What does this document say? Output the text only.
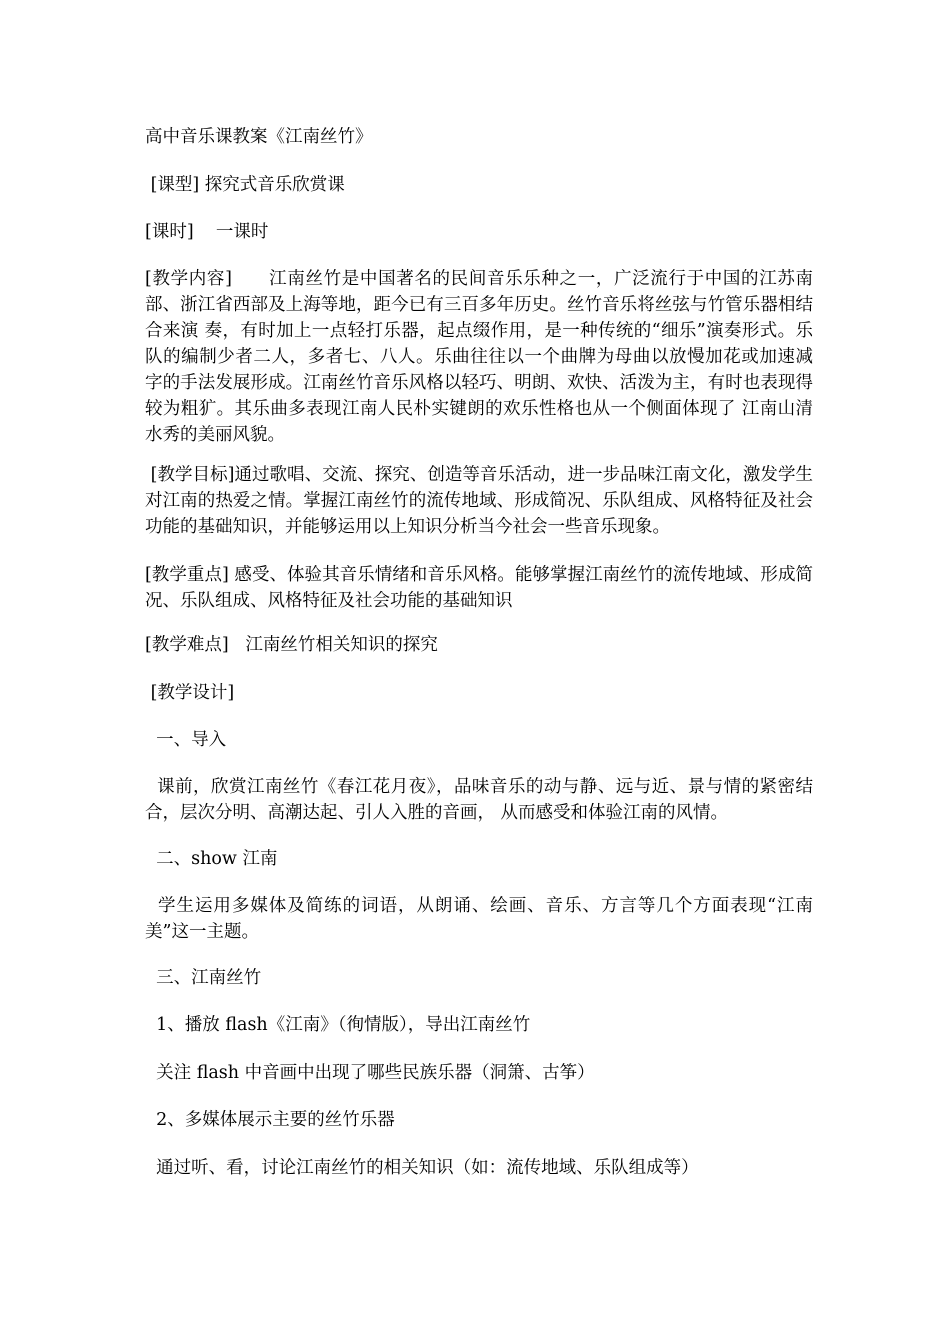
高中音乐课教案《江南丝竹》

[课型] 探究式音乐欣赏课

[课时]    一课时

[教学内容]      江南丝竹是中国著名的民间音乐乐种之一，广泛流行于中国的江苏南部、浙江省西部及上海等地，距今已有三百多年历史。丝竹音乐将丝弦与竹管乐器相结合来演 奏，有时加上一点轻打乐器，起点缀作用，是一种传统的“细乐”演奏形式。乐队的编制少者二人，多者七、八人。乐曲往往以一个曲牌为母曲以放慢加花或加速减 字的手法发展形成。江南丝竹音乐风格以轻巧、明朗、欢快、活泼为主，有时也表现得较为粗犷。其乐曲多表现江南人民朴实键朗的欢乐性格也从一个侧面体现了 江南山清水秀的美丽风貌。

[教学目标]通过歌唱、交流、探究、创造等音乐活动，进一步品味江南文化，激发学生对江南的热爱之情。掌握江南丝竹的流传地域、形成简况、乐队组成、风格特征及社会功能的基础知识，并能够运用以上知识分析当今社会一些音乐现象。

[教学重点] 感受、体验其音乐情绪和音乐风格。能够掌握江南丝竹的流传地域、形成简况、乐队组成、风格特征及社会功能的基础知识

[教学难点]   江南丝竹相关知识的探究

[教学设计]

一、导入

课前，欣赏江南丝竹《春江花月夜》，品味音乐的动与静、远与近、景与情的紧密结合，层次分明、高潮达起、引人入胜的音画， 从而感受和体验江南的风情。

二、show 江南

学生运用多媒体及简练的词语，从朗诵、绘画、音乐、方言等几个方面表现“江南美”这一主题。

三、江南丝竹

1、播放 flash《江南》（徇情版），导出江南丝竹

关注 flash 中音画中出现了哪些民族乐器（洞箫、古筝）

2、多媒体展示主要的丝竹乐器

通过听、看，讨论江南丝竹的相关知识（如：流传地域、乐队组成等）
